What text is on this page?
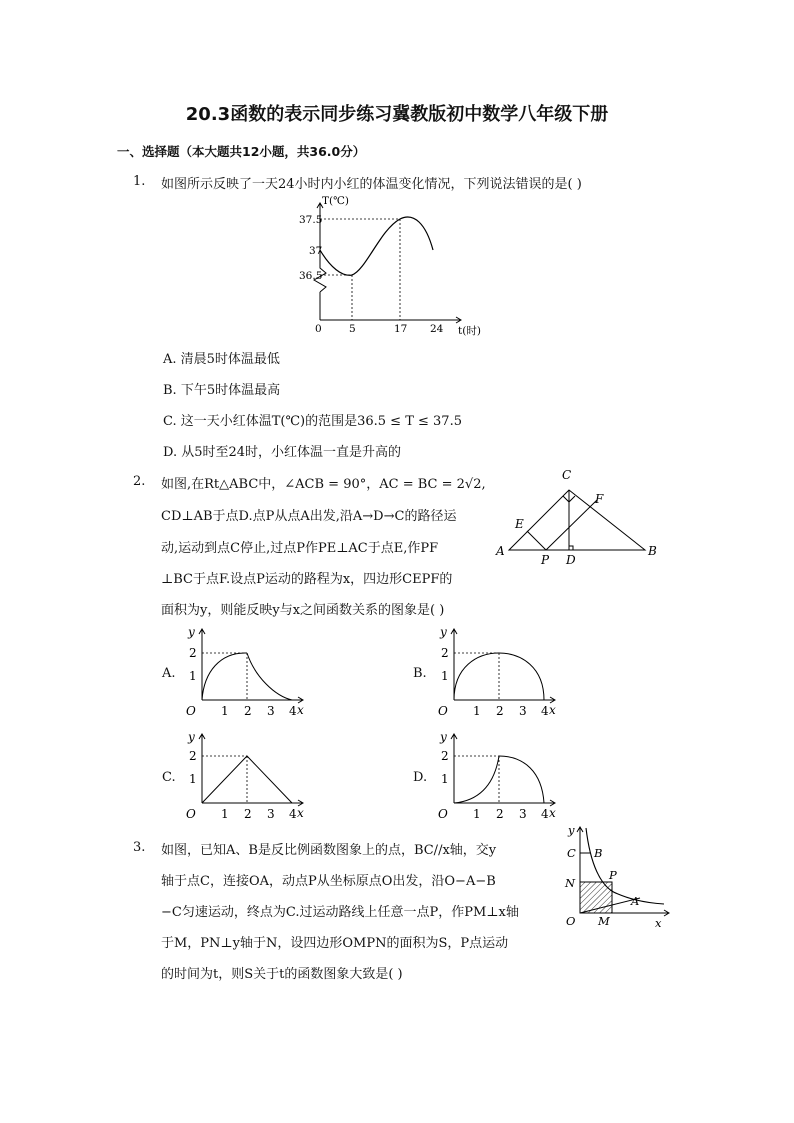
20.3函数的表示同步练习冀教版初中数学八年级下册
一、选择题（本大题共12小题，共36.0分）
1. 如图所示反映了一天24小时内小红的体温变化情况，下列说法错误的是( )
T(℃)
37.5
37
36.5
0	5	17 24 t(时)
A. 清晨5时体温最低
B. 下午5时体温最高
C. 这一天小红体温T(℃)的范围是36.5 ≤ T ≤ 37.5
D. 从5时至24时，小红体温一直是升高的
2. 如图,在Rt△ABC中，∠ACB = 90°，AC = BC = 2√2,
CD⊥AB于点D.点P从点A出发,沿A→D→C的路径运
动,运动到点C停止,过点P作PE⊥AC于点E,作PF
⊥BC于点F.设点P运动的路程为x，四边形CEPF的
面积为y，则能反映y与x之间函数关系的图象是( )
C
F
E
A
P D
B
A.
y
2
1
O 1 2 3 4 x
B.
y
2
1
O 1 2 3 4 x
C.
y
2
1
O 1 2 3 4 x
D.
y
2
1
O 1 2 3 4 x
3. 如图，已知A、B是反比例函数图象上的点，BC//x轴，交y
轴于点C，连接OA，动点P从坐标原点O出发，沿O−A−B
−C匀速运动，终点为C.过运动路线上任意一点P，作PM⊥x轴
于M，PN⊥y轴于N，设四边形OMPN的面积为S，P点运动
的时间为t，则S关于t的函数图象大致是( )
y
C B
N
P
A
O M	x
